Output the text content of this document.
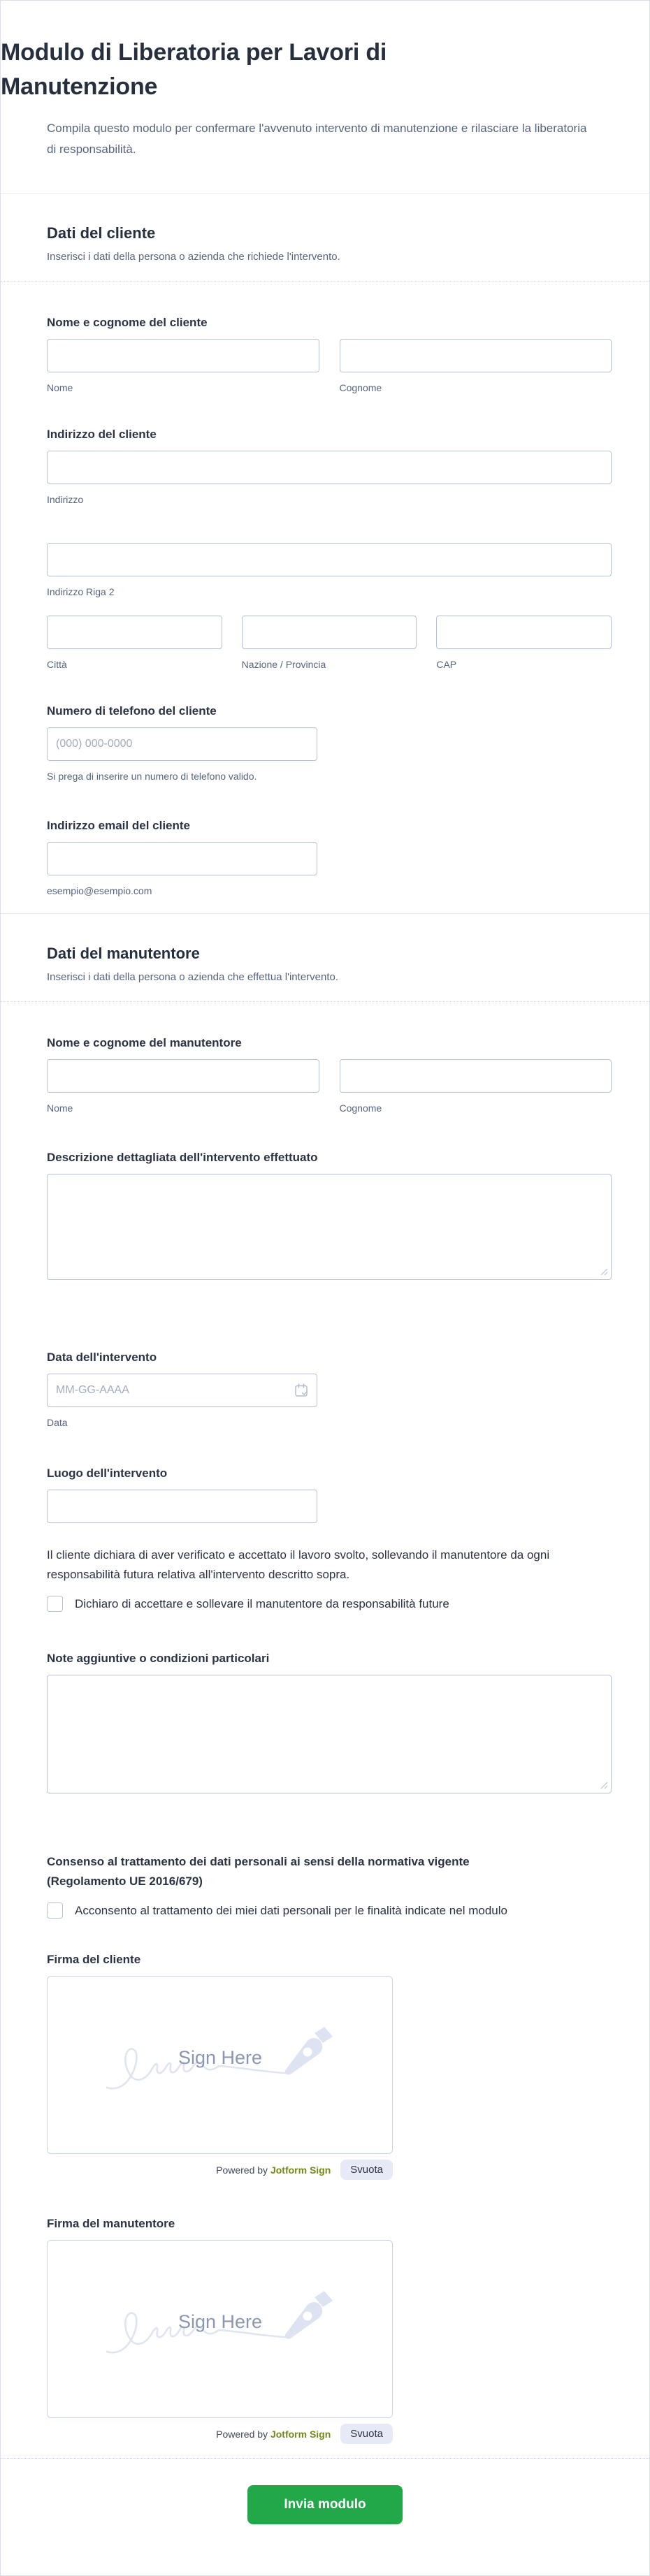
Modulo di Liberatoria per Lavori di Manutenzione

Compila questo modulo per confermare l'avvenuto intervento di manutenzione e rilasciare la liberatoria di responsabilità.

Dati del cliente
Inserisci i dati della persona o azienda che richiede l'intervento.
Nome e cognome del cliente
Nome	Cognome
Indirizzo del cliente
Indirizzo
Indirizzo Riga 2
Città	Nazione / Provincia	CAP
Numero di telefono del cliente
(000) 000-0000
Si prega di inserire un numero di telefono valido.
Indirizzo email del cliente
esempio@esempio.com
Dati del manutentore
Inserisci i dati della persona o azienda che effettua l'intervento.
Nome e cognome del manutentore
Nome	Cognome
Descrizione dettagliata dell'intervento effettuato
Data dell'intervento
MM-GG-AAAA
Data
Luogo dell'intervento
Il cliente dichiara di aver verificato e accettato il lavoro svolto, sollevando il manutentore da ogni responsabilità futura relativa all'intervento descritto sopra.
Dichiaro di accettare e sollevare il manutentore da responsabilità future
Note aggiuntive o condizioni particolari
Consenso al trattamento dei dati personali ai sensi della normativa vigente (Regolamento UE 2016/679)
Acconsento al trattamento dei miei dati personali per le finalità indicate nel modulo
Firma del cliente
Sign Here
Powered by Jotform Sign	Svuota
Firma del manutentore
Sign Here
Powered by Jotform Sign	Svuota
Invia modulo
